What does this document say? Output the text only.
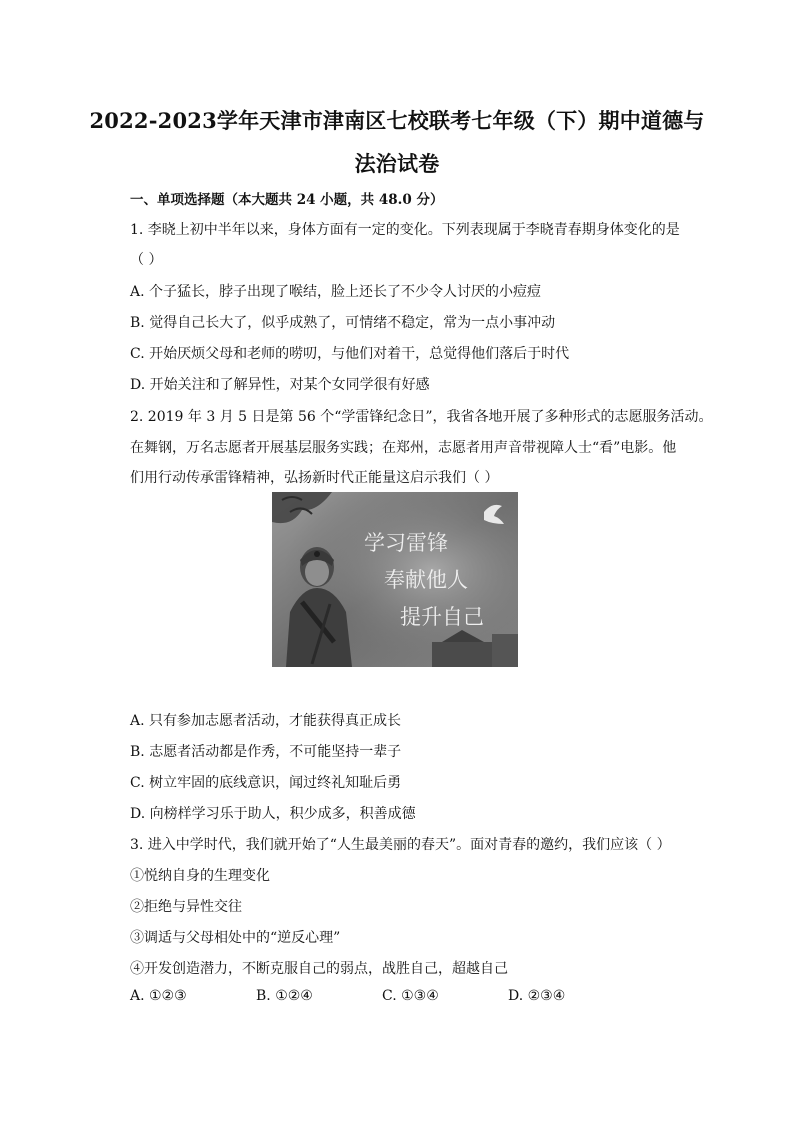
2022-2023学年天津市津南区七校联考七年级（下）期中道德与
法治试卷
一、单项选择题（本大题共 24 小题，共 48.0 分）
1. 李晓上初中半年以来，身体方面有一定的变化。下列表现属于李晓青春期身体变化的是
（ ）
A. 个子猛长，脖子出现了喉结，脸上还长了不少令人讨厌的小痘痘
B. 觉得自己长大了，似乎成熟了，可情绪不稳定，常为一点小事冲动
C. 开始厌烦父母和老师的唠叨，与他们对着干，总觉得他们落后于时代
D. 开始关注和了解异性，对某个女同学很有好感
2. 2019 年 3 月 5 日是第 56 个“学雷锋纪念日”，我省各地开展了多种形式的志愿服务活动。
在舞钢，万名志愿者开展基层服务实践；在郑州，志愿者用声音带视障人士“看”电影。他
们用行动传承雷锋精神，弘扬新时代正能量这启示我们（ ）
学习雷锋
奉献他人
提升自己
A. 只有参加志愿者活动，才能获得真正成长
B. 志愿者活动都是作秀，不可能坚持一辈子
C. 树立牢固的底线意识，闻过终礼知耻后勇
D. 向榜样学习乐于助人，积少成多，积善成德
3. 进入中学时代，我们就开始了“人生最美丽的春天”。面对青春的邀约，我们应该（ ）
①悦纳自身的生理变化
②拒绝与异性交往
③调适与父母相处中的“逆反心理”
④开发创造潜力，不断克服自己的弱点，战胜自己，超越自己
A. ①②③	B. ①②④	C. ①③④	D. ②③④
